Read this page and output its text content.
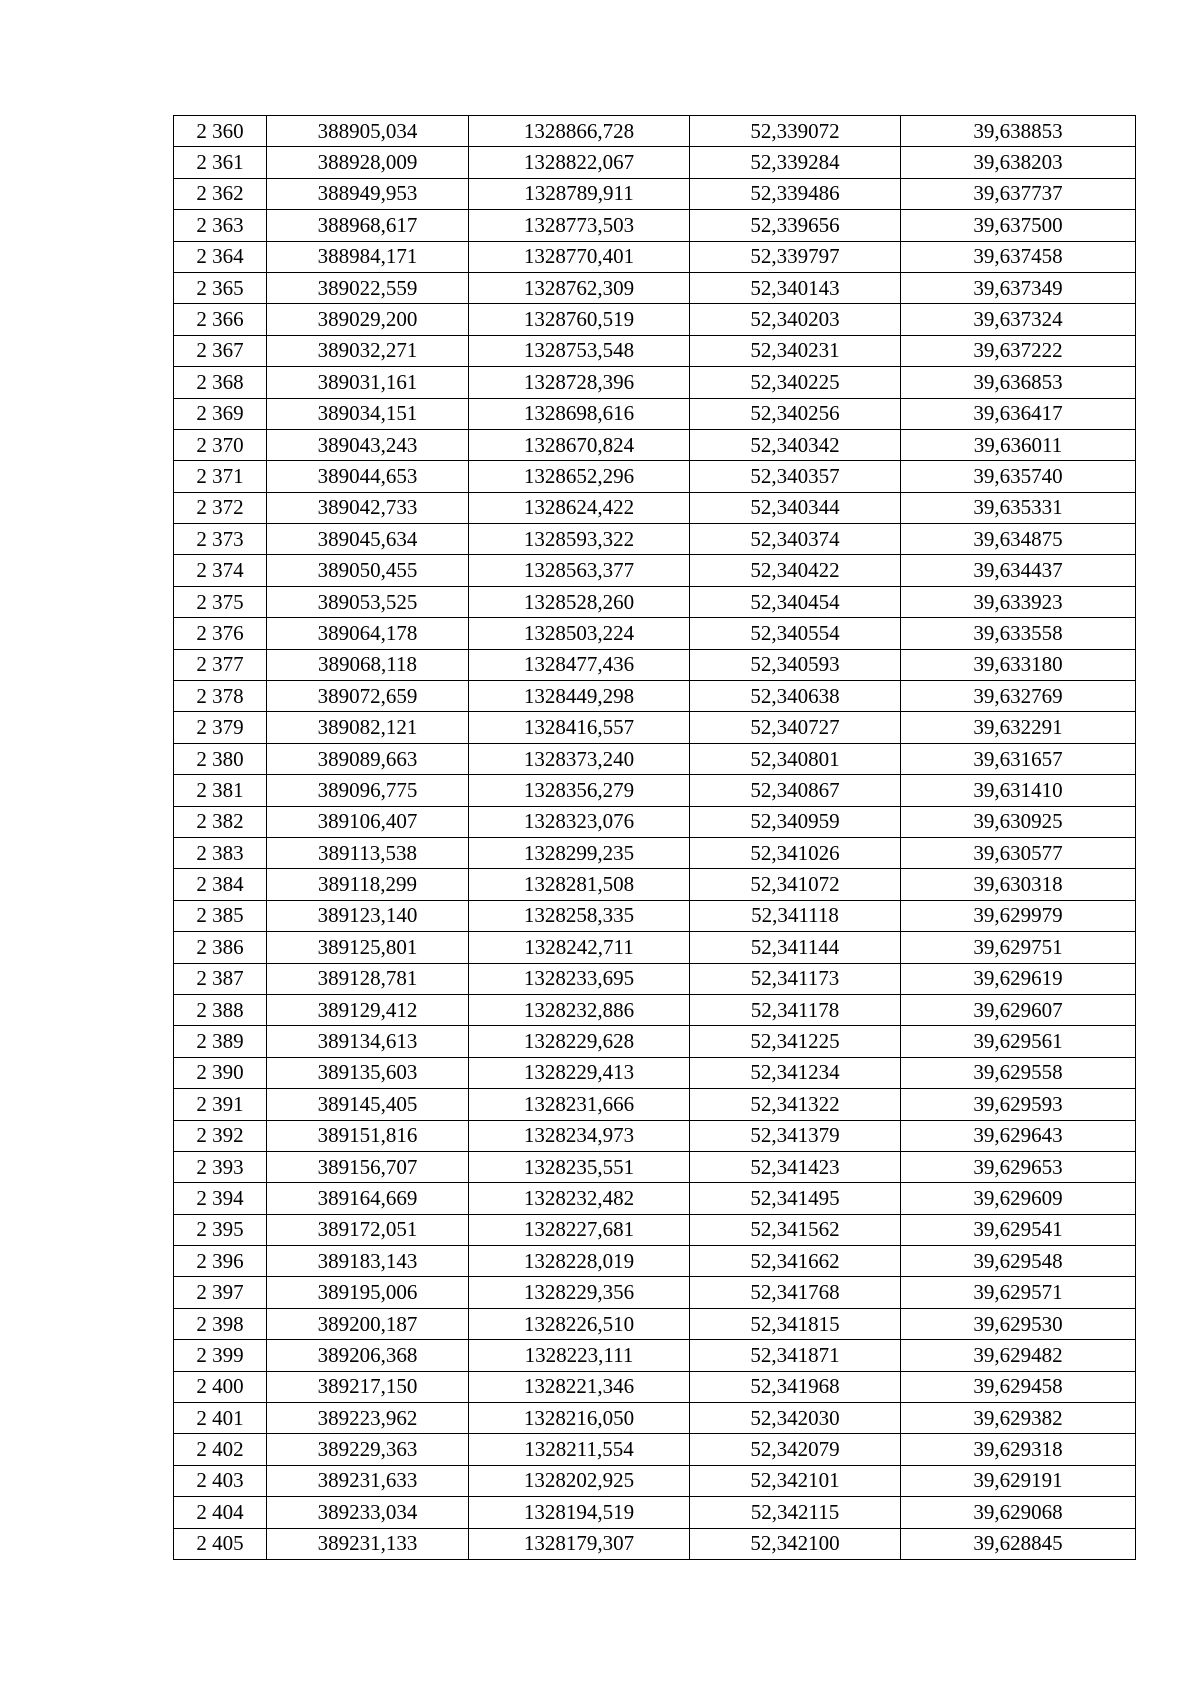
2 360	388905,034	1328866,728	52,339072	39,638853
2 361	388928,009	1328822,067	52,339284	39,638203
2 362	388949,953	1328789,911	52,339486	39,637737
2 363	388968,617	1328773,503	52,339656	39,637500
2 364	388984,171	1328770,401	52,339797	39,637458
2 365	389022,559	1328762,309	52,340143	39,637349
2 366	389029,200	1328760,519	52,340203	39,637324
2 367	389032,271	1328753,548	52,340231	39,637222
2 368	389031,161	1328728,396	52,340225	39,636853
2 369	389034,151	1328698,616	52,340256	39,636417
2 370	389043,243	1328670,824	52,340342	39,636011
2 371	389044,653	1328652,296	52,340357	39,635740
2 372	389042,733	1328624,422	52,340344	39,635331
2 373	389045,634	1328593,322	52,340374	39,634875
2 374	389050,455	1328563,377	52,340422	39,634437
2 375	389053,525	1328528,260	52,340454	39,633923
2 376	389064,178	1328503,224	52,340554	39,633558
2 377	389068,118	1328477,436	52,340593	39,633180
2 378	389072,659	1328449,298	52,340638	39,632769
2 379	389082,121	1328416,557	52,340727	39,632291
2 380	389089,663	1328373,240	52,340801	39,631657
2 381	389096,775	1328356,279	52,340867	39,631410
2 382	389106,407	1328323,076	52,340959	39,630925
2 383	389113,538	1328299,235	52,341026	39,630577
2 384	389118,299	1328281,508	52,341072	39,630318
2 385	389123,140	1328258,335	52,341118	39,629979
2 386	389125,801	1328242,711	52,341144	39,629751
2 387	389128,781	1328233,695	52,341173	39,629619
2 388	389129,412	1328232,886	52,341178	39,629607
2 389	389134,613	1328229,628	52,341225	39,629561
2 390	389135,603	1328229,413	52,341234	39,629558
2 391	389145,405	1328231,666	52,341322	39,629593
2 392	389151,816	1328234,973	52,341379	39,629643
2 393	389156,707	1328235,551	52,341423	39,629653
2 394	389164,669	1328232,482	52,341495	39,629609
2 395	389172,051	1328227,681	52,341562	39,629541
2 396	389183,143	1328228,019	52,341662	39,629548
2 397	389195,006	1328229,356	52,341768	39,629571
2 398	389200,187	1328226,510	52,341815	39,629530
2 399	389206,368	1328223,111	52,341871	39,629482
2 400	389217,150	1328221,346	52,341968	39,629458
2 401	389223,962	1328216,050	52,342030	39,629382
2 402	389229,363	1328211,554	52,342079	39,629318
2 403	389231,633	1328202,925	52,342101	39,629191
2 404	389233,034	1328194,519	52,342115	39,629068
2 405	389231,133	1328179,307	52,342100	39,628845
